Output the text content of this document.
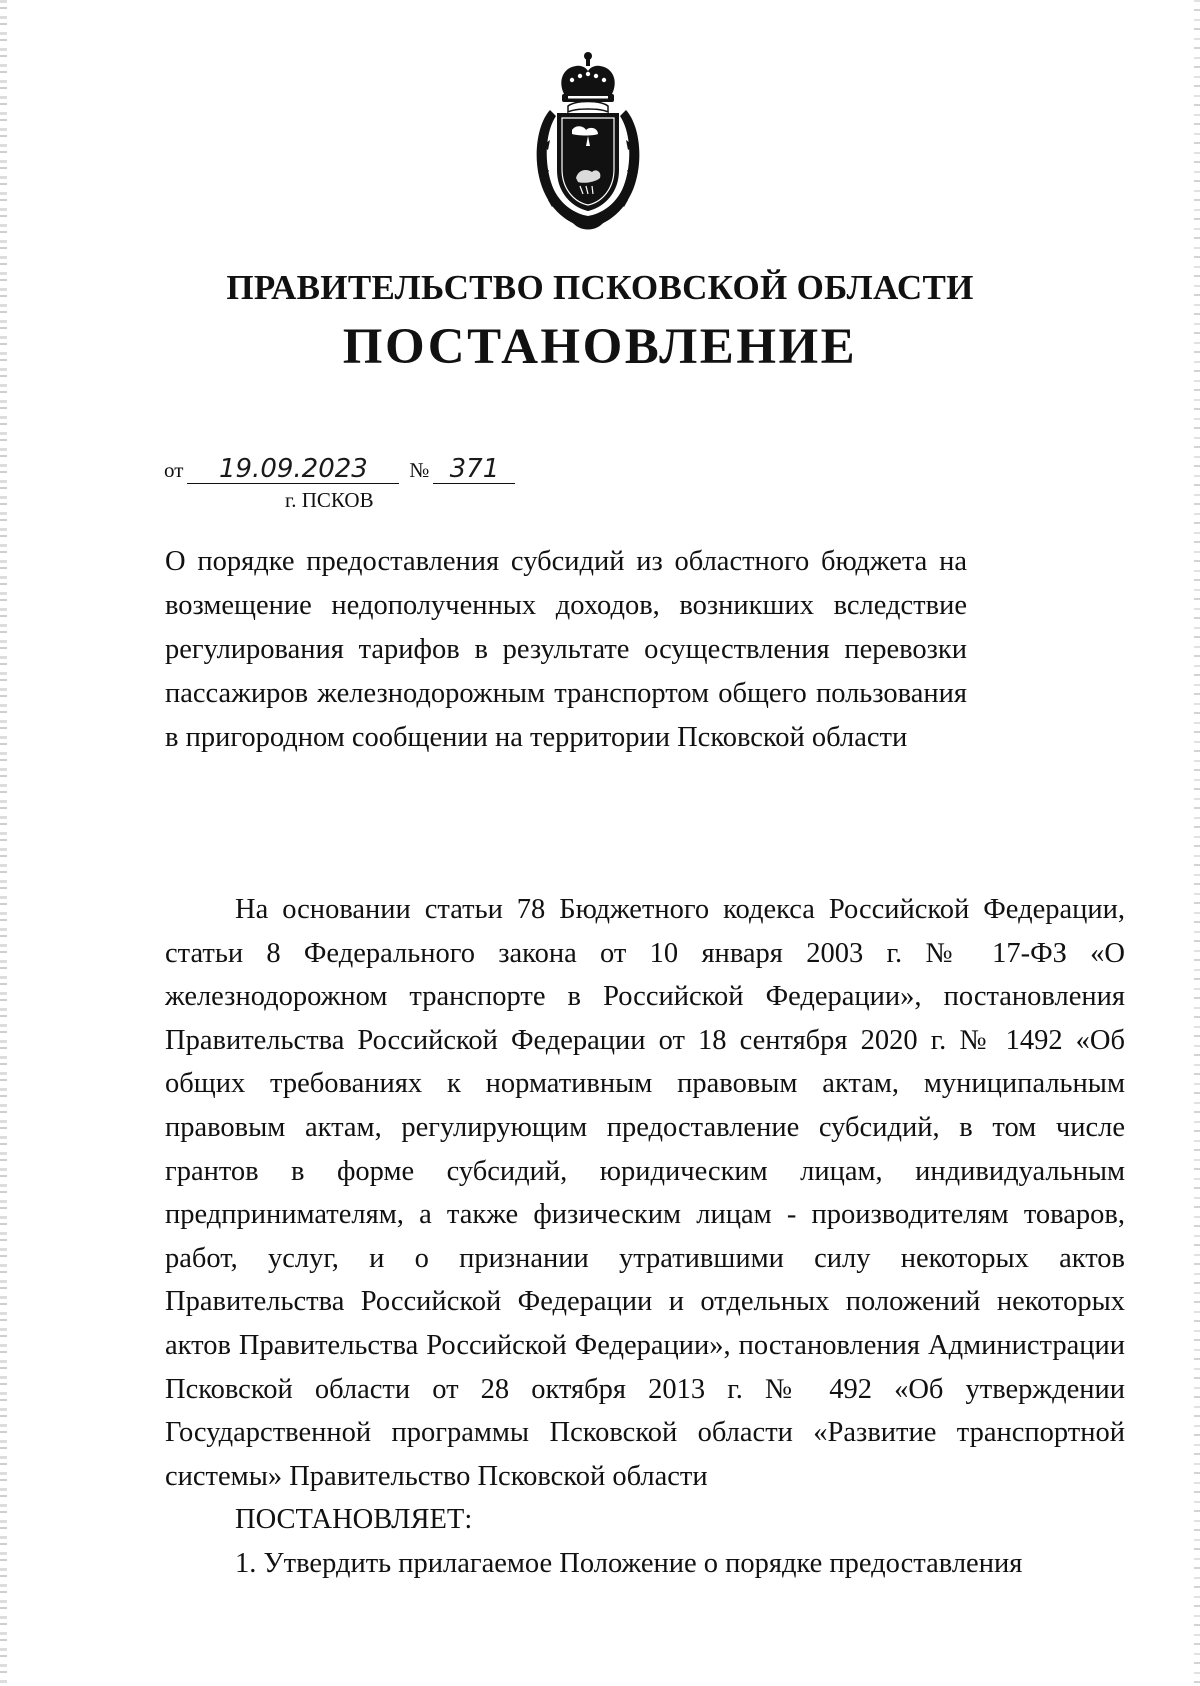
ПРАВИТЕЛЬСТВО ПСКОВСКОЙ ОБЛАСТИ
ПОСТАНОВЛЕНИЕ
от 19.09.2023 № 371
г. ПСКОВ
О порядке предоставления субсидий из областного бюджета на возмещение недополученных доходов, возникших вследствие регулирования тарифов в результате осуществления перевозки пассажиров железнодорожным транспортом общего пользования в пригородном сообщении на территории Псковской области

На основании статьи 78 Бюджетного кодекса Российской Федерации, статьи 8 Федерального закона от 10 января 2003 г. № 17-ФЗ «О железнодорожном транспорте в Российской Федерации», постановления Правительства Российской Федерации от 18 сентября 2020 г. № 1492 «Об общих требованиях к нормативным правовым актам, муниципальным правовым актам, регулирующим предоставление субсидий, в том числе грантов в форме субсидий, юридическим лицам, индивидуальным предпринимателям, а также физическим лицам - производителям товаров, работ, услуг, и о признании утратившими силу некоторых актов Правительства Российской Федерации и отдельных положений некоторых актов Правительства Российской Федерации», постановления Администрации Псковской области от 28 октября 2013 г. № 492 «Об утверждении Государственной программы Псковской области «Развитие транспортной системы» Правительство Псковской области

ПОСТАНОВЛЯЕТ:

1. Утвердить прилагаемое Положение о порядке предоставления
